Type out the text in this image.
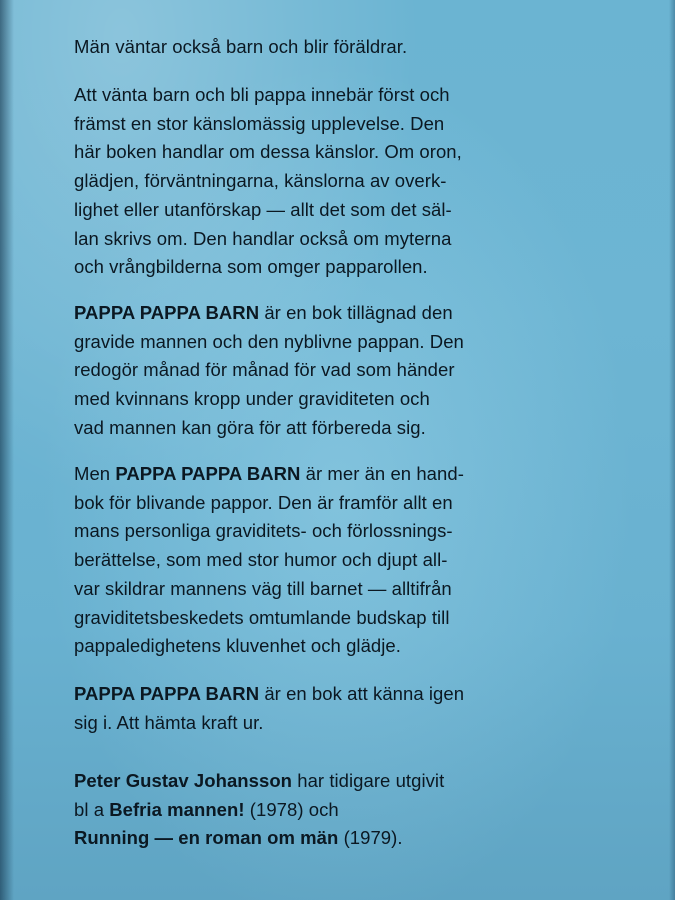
Män väntar också barn och blir föräldrar.

Att vänta barn och bli pappa innebär först och
främst en stor känslomässig upplevelse. Den
här boken handlar om dessa känslor. Om oron,
glädjen, förväntningarna, känslorna av overk-
lighet eller utanförskap — allt det som det säl-
lan skrivs om. Den handlar också om myterna
och vrångbilderna som omger papparollen.

PAPPA PAPPA BARN är en bok tillägnad den
gravide mannen och den nyblivne pappan. Den
redogör månad för månad för vad som händer
med kvinnans kropp under graviditeten och
vad mannen kan göra för att förbereda sig.

Men PAPPA PAPPA BARN är mer än en hand-
bok för blivande pappor. Den är framför allt en
mans personliga graviditets- och förlossnings-
berättelse, som med stor humor och djupt all-
var skildrar mannens väg till barnet — alltifrån
graviditetsbeskedets omtumlande budskap till
pappaledighetens kluvenhet och glädje.

PAPPA PAPPA BARN är en bok att känna igen
sig i. Att hämta kraft ur.

Peter Gustav Johansson har tidigare utgivit
bl a Befria mannen! (1978) och
Running — en roman om män (1979).
